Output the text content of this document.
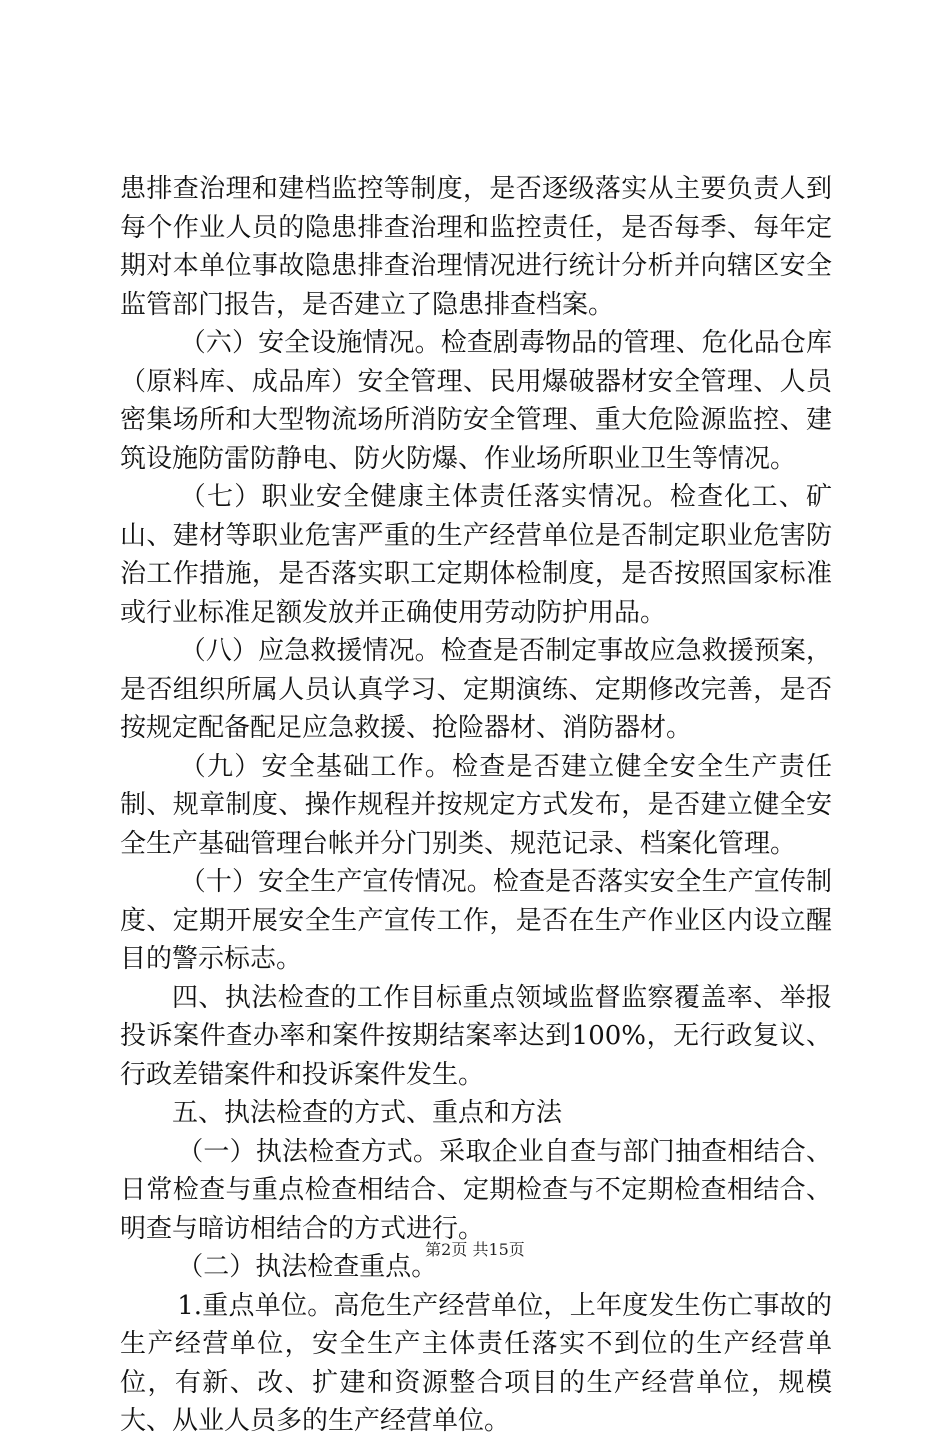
患排查治理和建档监控等制度，是否逐级落实从主要负责人到每个作业人员的隐患排查治理和监控责任，是否每季、每年定期对本单位事故隐患排查治理情况进行统计分析并向辖区安全监管部门报告，是否建立了隐患排查档案。

（六）安全设施情况。检查剧毒物品的管理、危化品仓库（原料库、成品库）安全管理、民用爆破器材安全管理、人员密集场所和大型物流场所消防安全管理、重大危险源监控、建筑设施防雷防静电、防火防爆、作业场所职业卫生等情况。

（七）职业安全健康主体责任落实情况。检查化工、矿山、建材等职业危害严重的生产经营单位是否制定职业危害防治工作措施，是否落实职工定期体检制度，是否按照国家标准或行业标准足额发放并正确使用劳动防护用品。

（八）应急救援情况。检查是否制定事故应急救援预案，是否组织所属人员认真学习、定期演练、定期修改完善，是否按规定配备配足应急救援、抢险器材、消防器材。

（九）安全基础工作。检查是否建立健全安全生产责任制、规章制度、操作规程并按规定方式发布，是否建立健全安全生产基础管理台帐并分门别类、规范记录、档案化管理。

（十）安全生产宣传情况。检查是否落实安全生产宣传制度、定期开展安全生产宣传工作，是否在生产作业区内设立醒目的警示标志。

四、执法检查的工作目标重点领域监督监察覆盖率、举报投诉案件查办率和案件按期结案率达到100%，无行政复议、行政差错案件和投诉案件发生。

五、执法检查的方式、重点和方法

（一）执法检查方式。采取企业自查与部门抽查相结合、日常检查与重点检查相结合、定期检查与不定期检查相结合、明查与暗访相结合的方式进行。

（二）执法检查重点。

1.重点单位。高危生产经营单位，上年度发生伤亡事故的生产经营单位，安全生产主体责任落实不到位的生产经营单位，有新、改、扩建和资源整合项目的生产经营单位，规模大、从业人员多的生产经营单位。

第2页 共15页
